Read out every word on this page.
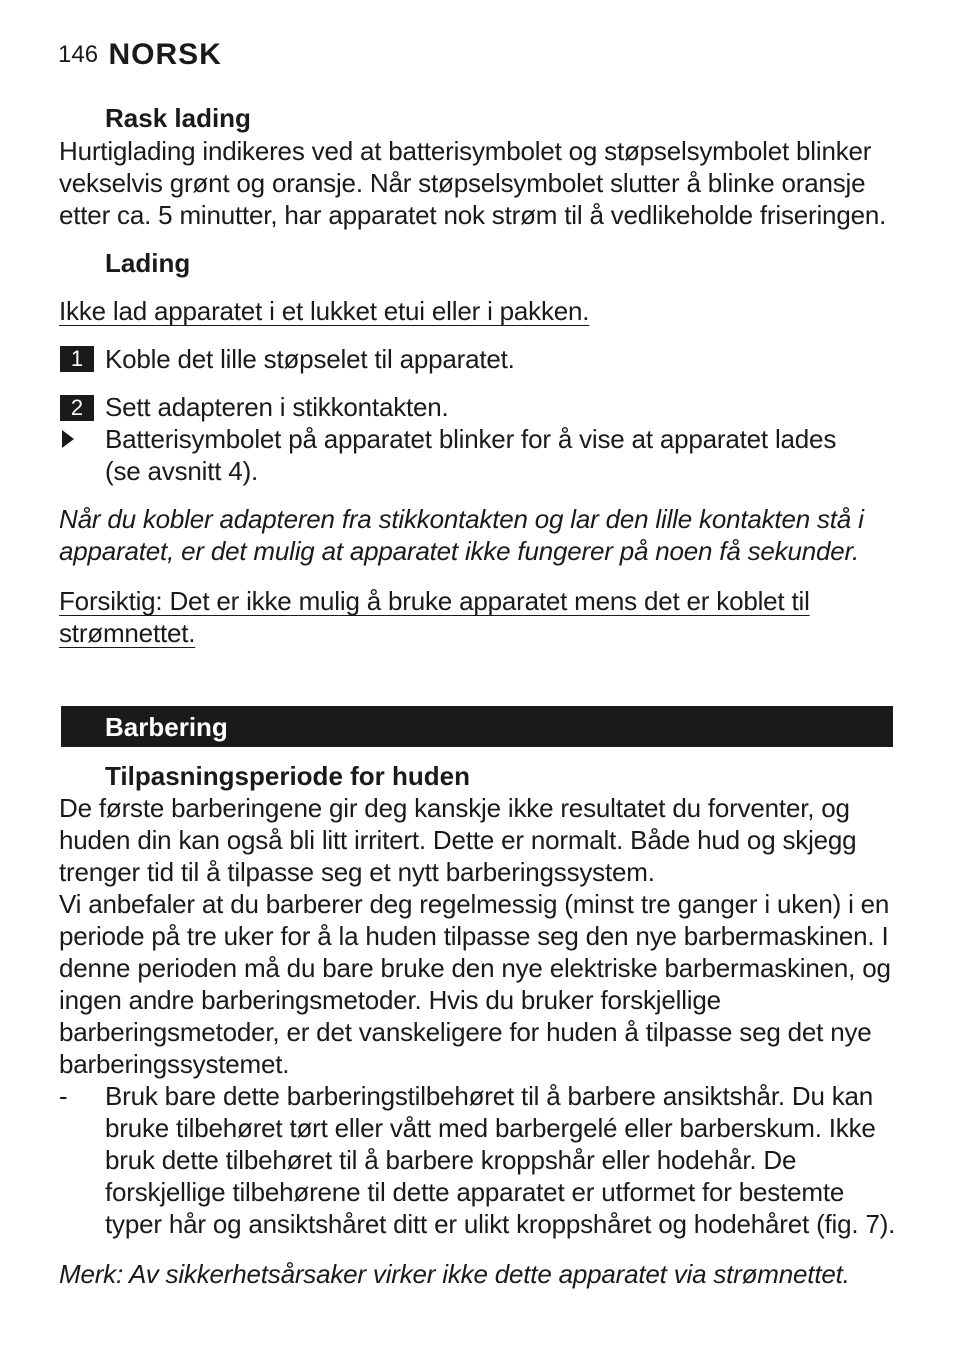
146 NORSK
Rask lading
Hurtiglading indikeres ved at batterisymbolet og støpselsymbolet blinker
vekselvis grønt og oransje. Når støpselsymbolet slutter å blinke oransje
etter ca. 5 minutter, har apparatet nok strøm til å vedlikeholde friseringen.
Lading
Ikke lad apparatet i et lukket etui eller i pakken.
1 Koble det lille støpselet til apparatet.
2 Sett adapteren i stikkontakten.
Batterisymbolet på apparatet blinker for å vise at apparatet lades
(se avsnitt 4).
Når du kobler adapteren fra stikkontakten og lar den lille kontakten stå i
apparatet, er det mulig at apparatet ikke fungerer på noen få sekunder.
Forsiktig: Det er ikke mulig å bruke apparatet mens det er koblet til
strømnettet.
Barbering
Tilpasningsperiode for huden
De første barberingene gir deg kanskje ikke resultatet du forventer, og
huden din kan også bli litt irritert. Dette er normalt. Både hud og skjegg
trenger tid til å tilpasse seg et nytt barberingssystem.
Vi anbefaler at du barberer deg regelmessig (minst tre ganger i uken) i en
periode på tre uker for å la huden tilpasse seg den nye barbermaskinen. I
denne perioden må du bare bruke den nye elektriske barbermaskinen, og
ingen andre barberingsmetoder. Hvis du bruker forskjellige
barberingsmetoder, er det vanskeligere for huden å tilpasse seg det nye
barberingssystemet.
- Bruk bare dette barberingstilbehøret til å barbere ansiktshår. Du kan
bruke tilbehøret tørt eller vått med barbergelé eller barberskum. Ikke
bruk dette tilbehøret til å barbere kroppshår eller hodehår. De
forskjellige tilbehørene til dette apparatet er utformet for bestemte
typer hår og ansiktshåret ditt er ulikt kroppshåret og hodehåret (fig. 7).
Merk: Av sikkerhetsårsaker virker ikke dette apparatet via strømnettet.
